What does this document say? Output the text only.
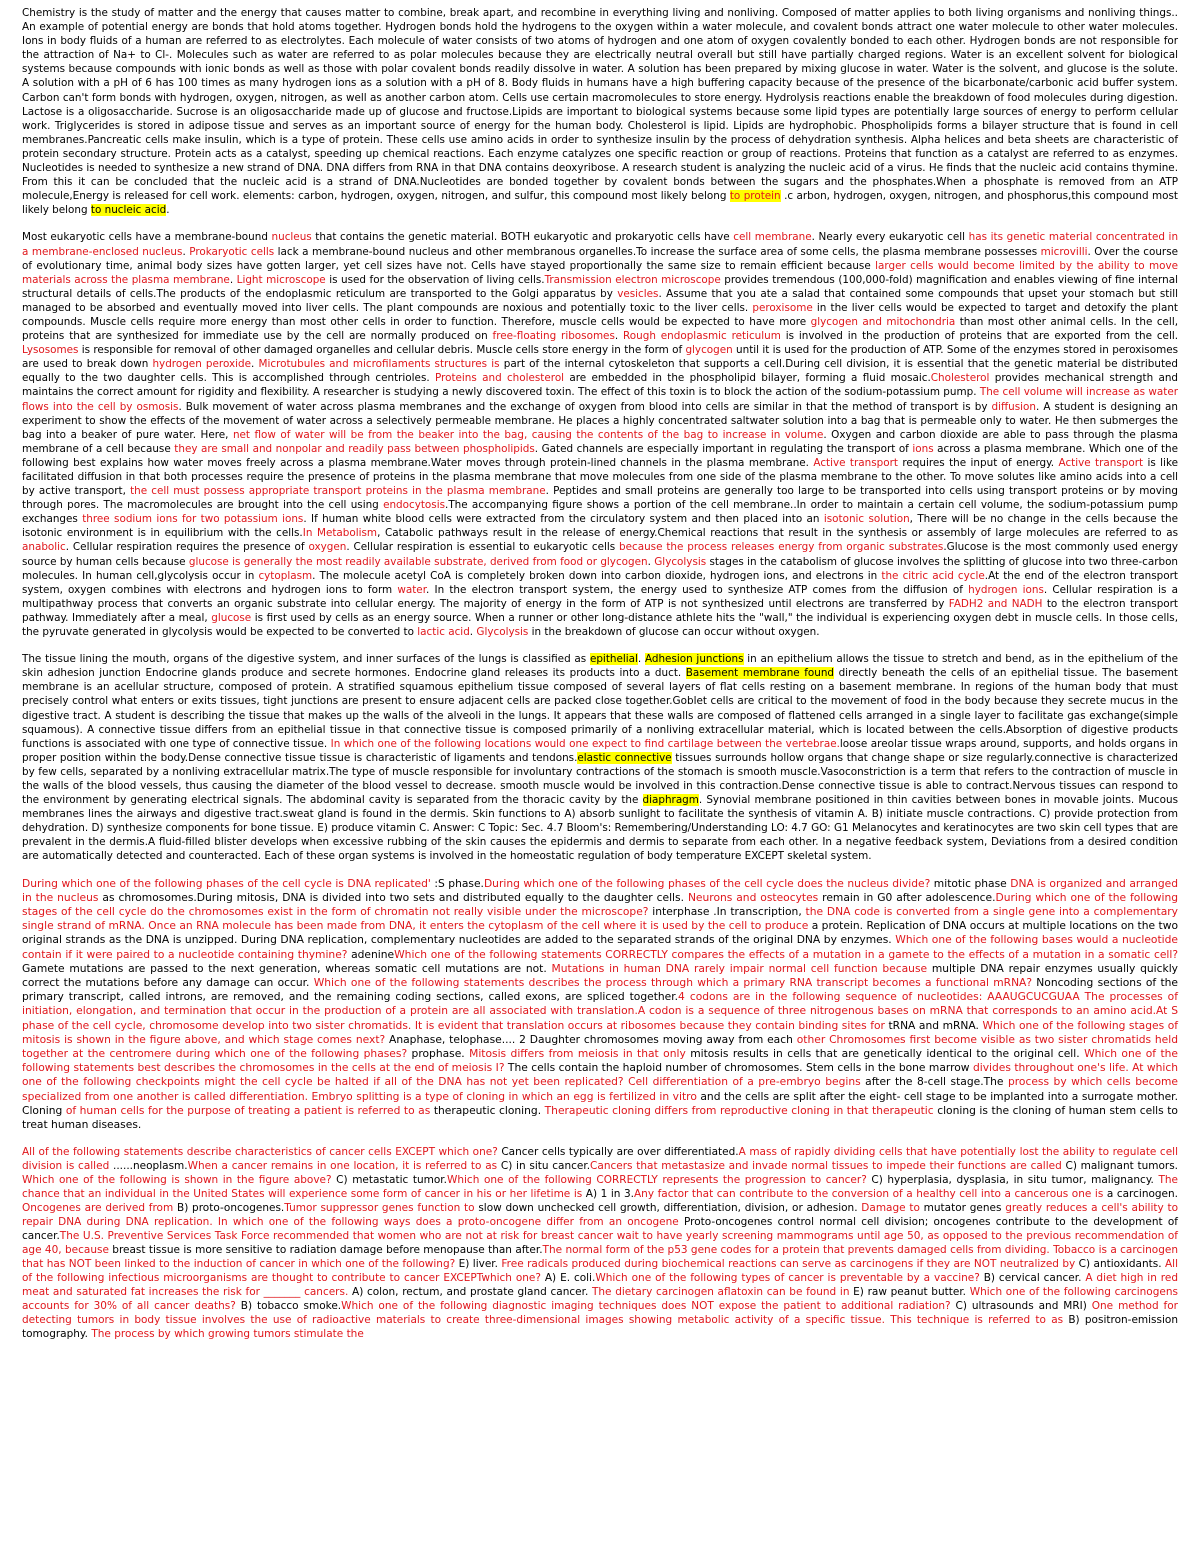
Chemistry is the study of matter and the energy that causes matter to combine, break apart, and recombine in everything living and nonliving. Composed of matter applies to both living organisms and nonliving things.. An example of potential energy are bonds that hold atoms together. Hydrogen bonds hold the hydrogens to the oxygen within a water molecule, and covalent bonds attract one water molecule to other water molecules. Ions in body fluids of a human are referred to as electrolytes. Each molecule of water consists of two atoms of hydrogen and one atom of oxygen covalently bonded to each other. Hydrogen bonds are not responsible for the attraction of Na+ to Cl-. Molecules such as water are referred to as polar molecules because they are electrically neutral overall but still have partially charged regions. Water is an excellent solvent for biological systems because compounds with ionic bonds as well as those with polar covalent bonds readily dissolve in water. A solution has been prepared by mixing glucose in water. Water is the solvent, and glucose is the solute. A solution with a pH of 6 has 100 times as many hydrogen ions as a solution with a pH of 8. Body fluids in humans have a high buffering capacity because of the presence of the bicarbonate/carbonic acid buffer system. Carbon can't form bonds with hydrogen, oxygen, nitrogen, as well as another carbon atom. Cells use certain macromolecules to store energy. Hydrolysis reactions enable the breakdown of food molecules during digestion. Lactose is a oligosaccharide. Sucrose is an oligosaccharide made up of glucose and fructose.Lipids are important to biological systems because some lipid types are potentially large sources of energy to perform cellular work. Triglycerides is stored in adipose tissue and serves as an important source of energy for the human body. Cholesterol is lipid. Lipids are hydrophobic. Phospholipids forms a bilayer structure that is found in cell membranes.Pancreatic cells make insulin, which is a type of protein. These cells use amino acids in order to synthesize insulin by the process of dehydration synthesis. Alpha helices and beta sheets are characteristic of protein secondary structure. Protein acts as a catalyst, speeding up chemical reactions. Each enzyme catalyzes one specific reaction or group of reactions. Proteins that function as a catalyst are referred to as enzymes. Nucleotides is needed to synthesize a new strand of DNA. DNA differs from RNA in that DNA contains deoxyribose. A research student is analyzing the nucleic acid of a virus. He finds that the nucleic acid contains thymine. From this it can be concluded that the nucleic acid is a strand of DNA.Nucleotides are bonded together by covalent bonds between the sugars and the phosphates.When a phosphate is removed from an ATP molecule,Energy is released for cell work. elements: carbon, hydrogen, oxygen, nitrogen, and sulfur, this compound most likely belong to protein .c arbon, hydrogen, oxygen, nitrogen, and phosphorus,this compound most likely belong to nucleic acid.

Most eukaryotic cells have a membrane-bound nucleus that contains the genetic material. BOTH eukaryotic and prokaryotic cells have cell membrane. Nearly every eukaryotic cell has its genetic material concentrated in a membrane-enclosed nucleus. Prokaryotic cells lack a membrane-bound nucleus and other membranous organelles.To increase the surface area of some cells, the plasma membrane possesses microvilli. Over the course of evolutionary time, animal body sizes have gotten larger, yet cell sizes have not. Cells have stayed proportionally the same size to remain efficient because larger cells would become limited by the ability to move materials across the plasma membrane. Light microscope is used for the observation of living cells.Transmission electron microscope provides tremendous (100,000-fold) magnification and enables viewing of fine internal structural details of cells.The products of the endoplasmic reticulum are transported to the Golgi apparatus by vesicles. Assume that you ate a salad that contained some compounds that upset your stomach but still managed to be absorbed and eventually moved into liver cells. The plant compounds are noxious and potentially toxic to the liver cells. peroxisome in the liver cells would be expected to target and detoxify the plant compounds. Muscle cells require more energy than most other cells in order to function. Therefore, muscle cells would be expected to have more glycogen and mitochondria than most other animal cells. In the cell, proteins that are synthesized for immediate use by the cell are normally produced on free-floating ribosomes. Rough endoplasmic reticulum is involved in the production of proteins that are exported from the cell. Lysosomes is responsible for removal of other damaged organelles and cellular debris. Muscle cells store energy in the form of glycogen until it is used for the production of ATP. Some of the enzymes stored in peroxisomes are used to break down hydrogen peroxide. Microtubules and microfilaments structures is part of the internal cytoskeleton that supports a cell.During cell division, it is essential that the genetic material be distributed equally to the two daughter cells. This is accomplished through centrioles. Proteins and cholesterol are embedded in the phospholipid bilayer, forming a fluid mosaic.Cholesterol provides mechanical strength and maintains the correct amount for rigidity and flexibility. A researcher is studying a newly discovered toxin. The effect of this toxin is to block the action of the sodium-potassium pump. The cell volume will increase as water flows into the cell by osmosis. Bulk movement of water across plasma membranes and the exchange of oxygen from blood into cells are similar in that the method of transport is by diffusion. A student is designing an experiment to show the effects of the movement of water across a selectively permeable membrane. He places a highly concentrated saltwater solution into a bag that is permeable only to water. He then submerges the bag into a beaker of pure water. Here, net flow of water will be from the beaker into the bag, causing the contents of the bag to increase in volume. Oxygen and carbon dioxide are able to pass through the plasma membrane of a cell because they are small and nonpolar and readily pass between phospholipids. Gated channels are especially important in regulating the transport of ions across a plasma membrane. Which one of the following best explains how water moves freely across a plasma membrane.Water moves through protein-lined channels in the plasma membrane. Active transport requires the input of energy. Active transport is like facilitated diffusion in that both processes require the presence of proteins in the plasma membrane that move molecules from one side of the plasma membrane to the other. To move solutes like amino acids into a cell by active transport, the cell must possess appropriate transport proteins in the plasma membrane. Peptides and small proteins are generally too large to be transported into cells using transport proteins or by moving through pores. The macromolecules are brought into the cell using endocytosis.The accompanying figure shows a portion of the cell membrane..In order to maintain a certain cell volume, the sodium-potassium pump exchanges three sodium ions for two potassium ions. If human white blood cells were extracted from the circulatory system and then placed into an isotonic solution, There will be no change in the cells because the isotonic environment is in equilibrium with the cells.In Metabolism, Catabolic pathways result in the release of energy.Chemical reactions that result in the synthesis or assembly of large molecules are referred to as anabolic. Cellular respiration requires the presence of oxygen. Cellular respiration is essential to eukaryotic cells because the process releases energy from organic substrates.Glucose is the most commonly used energy source by human cells because glucose is generally the most readily available substrate, derived from food or glycogen. Glycolysis stages in the catabolism of glucose involves the splitting of glucose into two three-carbon molecules. In human cell,glycolysis occur in cytoplasm. The molecule acetyl CoA is completely broken down into carbon dioxide, hydrogen ions, and electrons in the citric acid cycle.At the end of the electron transport system, oxygen combines with electrons and hydrogen ions to form water. In the electron transport system, the energy used to synthesize ATP comes from the diffusion of hydrogen ions. Cellular respiration is a multipathway process that converts an organic substrate into cellular energy. The majority of energy in the form of ATP is not synthesized until electrons are transferred by FADH2 and NADH to the electron transport pathway. Immediately after a meal, glucose is first used by cells as an energy source. When a runner or other long-distance athlete hits the "wall," the individual is experiencing oxygen debt in muscle cells. In those cells, the pyruvate generated in glycolysis would be expected to be converted to lactic acid. Glycolysis in the breakdown of glucose can occur without oxygen.

The tissue lining the mouth, organs of the digestive system, and inner surfaces of the lungs is classified as epithelial. Adhesion junctions in an epithelium allows the tissue to stretch and bend, as in the epithelium of the skin adhesion junction Endocrine glands produce and secrete hormones. Endocrine gland releases its products into a duct. Basement membrane found directly beneath the cells of an epithelial tissue. The basement membrane is an acellular structure, composed of protein. A stratified squamous epithelium tissue composed of several layers of flat cells resting on a basement membrane. In regions of the human body that must precisely control what enters or exits tissues, tight junctions are present to ensure adjacent cells are packed close together.Goblet cells are critical to the movement of food in the body because they secrete mucus in the digestive tract. A student is describing the tissue that makes up the walls of the alveoli in the lungs. It appears that these walls are composed of flattened cells arranged in a single layer to facilitate gas exchange(simple squamous). A connective tissue differs from an epithelial tissue in that connective tissue is composed primarily of a nonliving extracellular material, which is located between the cells.Absorption of digestive products functions is associated with one type of connective tissue. In which one of the following locations would one expect to find cartilage between the vertebrae.loose areolar tissue wraps around, supports, and holds organs in proper position within the body.Dense connective tissue tissue is characteristic of ligaments and tendons.elastic connective tissues surrounds hollow organs that change shape or size regularly.connective is characterized by few cells, separated by a nonliving extracellular matrix.The type of muscle responsible for involuntary contractions of the stomach is smooth muscle.Vasoconstriction is a term that refers to the contraction of muscle in the walls of the blood vessels, thus causing the diameter of the blood vessel to decrease. smooth muscle would be involved in this contraction.Dense connective tissue is able to contract.Nervous tissues can respond to the environment by generating electrical signals. The abdominal cavity is separated from the thoracic cavity by the diaphragm. Synovial membrane positioned in thin cavities between bones in movable joints. Mucous membranes lines the airways and digestive tract.sweat gland is found in the dermis. Skin functions to A) absorb sunlight to facilitate the synthesis of vitamin A. B) initiate muscle contractions. C) provide protection from dehydration. D) synthesize components for bone tissue. E) produce vitamin C. Answer: C Topic: Sec. 4.7 Bloom's: Remembering/Understanding LO: 4.7 GO: G1 Melanocytes and keratinocytes are two skin cell types that are prevalent in the dermis.A fluid-filled blister develops when excessive rubbing of the skin causes the epidermis and dermis to separate from each other. In a negative feedback system, Deviations from a desired condition are automatically detected and counteracted. Each of these organ systems is involved in the homeostatic regulation of body temperature EXCEPT skeletal system.

During which one of the following phases of the cell cycle is DNA replicated' :S phase.During which one of the following phases of the cell cycle does the nucleus divide? mitotic phase DNA is organized and arranged in the nucleus as chromosomes.During mitosis, DNA is divided into two sets and distributed equally to the daughter cells. Neurons and osteocytes remain in G0 after adolescence.During which one of the following stages of the cell cycle do the chromosomes exist in the form of chromatin not really visible under the microscope? interphase .In transcription, the DNA code is converted from a single gene into a complementary single strand of mRNA. Once an RNA molecule has been made from DNA, it enters the cytoplasm of the cell where it is used by the cell to produce a protein. Replication of DNA occurs at multiple locations on the two original strands as the DNA is unzipped. During DNA replication, complementary nucleotides are added to the separated strands of the original DNA by enzymes. Which one of the following bases would a nucleotide contain if it were paired to a nucleotide containing thymine? adenineWhich one of the following statements CORRECTLY compares the effects of a mutation in a gamete to the effects of a mutation in a somatic cell? Gamete mutations are passed to the next generation, whereas somatic cell mutations are not. Mutations in human DNA rarely impair normal cell function because multiple DNA repair enzymes usually quickly correct the mutations before any damage can occur. Which one of the following statements describes the process through which a primary RNA transcript becomes a functional mRNA? Noncoding sections of the primary transcript, called introns, are removed, and the remaining coding sections, called exons, are spliced together.4 codons are in the following sequence of nucleotides: AAAUGCUCGUAA The processes of initiation, elongation, and termination that occur in the production of a protein are all associated with translation.A codon is a sequence of three nitrogenous bases on mRNA that corresponds to an amino acid.At S phase of the cell cycle, chromosome develop into two sister chromatids. It is evident that translation occurs at ribosomes because they contain binding sites for tRNA and mRNA. Which one of the following stages of mitosis is shown in the figure above, and which stage comes next? Anaphase, telophase.... 2 Daughter chromosomes moving away from each other Chromosomes first become visible as two sister chromatids held together at the centromere during which one of the following phases? prophase. Mitosis differs from meiosis in that only mitosis results in cells that are genetically identical to the original cell. Which one of the following statements best describes the chromosomes in the cells at the end of meiosis I? The cells contain the haploid number of chromosomes. Stem cells in the bone marrow divides throughout one's life. At which one of the following checkpoints might the cell cycle be halted if all of the DNA has not yet been replicated? Cell differentiation of a pre-embryo begins after the 8-cell stage.The process by which cells become specialized from one another is called differentiation. Embryo splitting is a type of cloning in which an egg is fertilized in vitro and the cells are split after the eight- cell stage to be implanted into a surrogate mother. Cloning of human cells for the purpose of treating a patient is referred to as therapeutic cloning. Therapeutic cloning differs from reproductive cloning in that therapeutic cloning is the cloning of human stem cells to treat human diseases.

All of the following statements describe characteristics of cancer cells EXCEPT which one? Cancer cells typically are over differentiated.A mass of rapidly dividing cells that have potentially lost the ability to regulate cell division is called ......neoplasm.When a cancer remains in one location, it is referred to as C) in situ cancer.Cancers that metastasize and invade normal tissues to impede their functions are called C) malignant tumors. Which one of the following is shown in the figure above? C) metastatic tumor.Which one of the following CORRECTLY represents the progression to cancer? C) hyperplasia, dysplasia, in situ tumor, malignancy. The chance that an individual in the United States will experience some form of cancer in his or her lifetime is A) 1 in 3.Any factor that can contribute to the conversion of a healthy cell into a cancerous one is a carcinogen. Oncogenes are derived from B) proto-oncogenes.Tumor suppressor genes function to slow down unchecked cell growth, differentiation, division, or adhesion. Damage to mutator genes greatly reduces a cell's ability to repair DNA during DNA replication. In which one of the following ways does a proto-oncogene differ from an oncogene Proto-oncogenes control normal cell division; oncogenes contribute to the development of cancer.The U.S. Preventive Services Task Force recommended that women who are not at risk for breast cancer wait to have yearly screening mammograms until age 50, as opposed to the previous recommendation of age 40, because breast tissue is more sensitive to radiation damage before menopause than after.The normal form of the p53 gene codes for a protein that prevents damaged cells from dividing. Tobacco is a carcinogen that has NOT been linked to the induction of cancer in which one of the following? E) liver. Free radicals produced during biochemical reactions can serve as carcinogens if they are NOT neutralized by C) antioxidants. All of the following infectious microorganisms are thought to contribute to cancer EXCEPTwhich one? A) E. coli.Which one of the following types of cancer is preventable by a vaccine? B) cervical cancer. A diet high in red meat and saturated fat increases the risk for _______ cancers. A) colon, rectum, and prostate gland cancer. The dietary carcinogen aflatoxin can be found in E) raw peanut butter. Which one of the following carcinogens accounts for 30% of all cancer deaths? B) tobacco smoke.Which one of the following diagnostic imaging techniques does NOT expose the patient to additional radiation? C) ultrasounds and MRI) One method for detecting tumors in body tissue involves the use of radioactive materials to create three-dimensional images showing metabolic activity of a specific tissue. This technique is referred to as B) positron-emission tomography. The process by which growing tumors stimulate the
